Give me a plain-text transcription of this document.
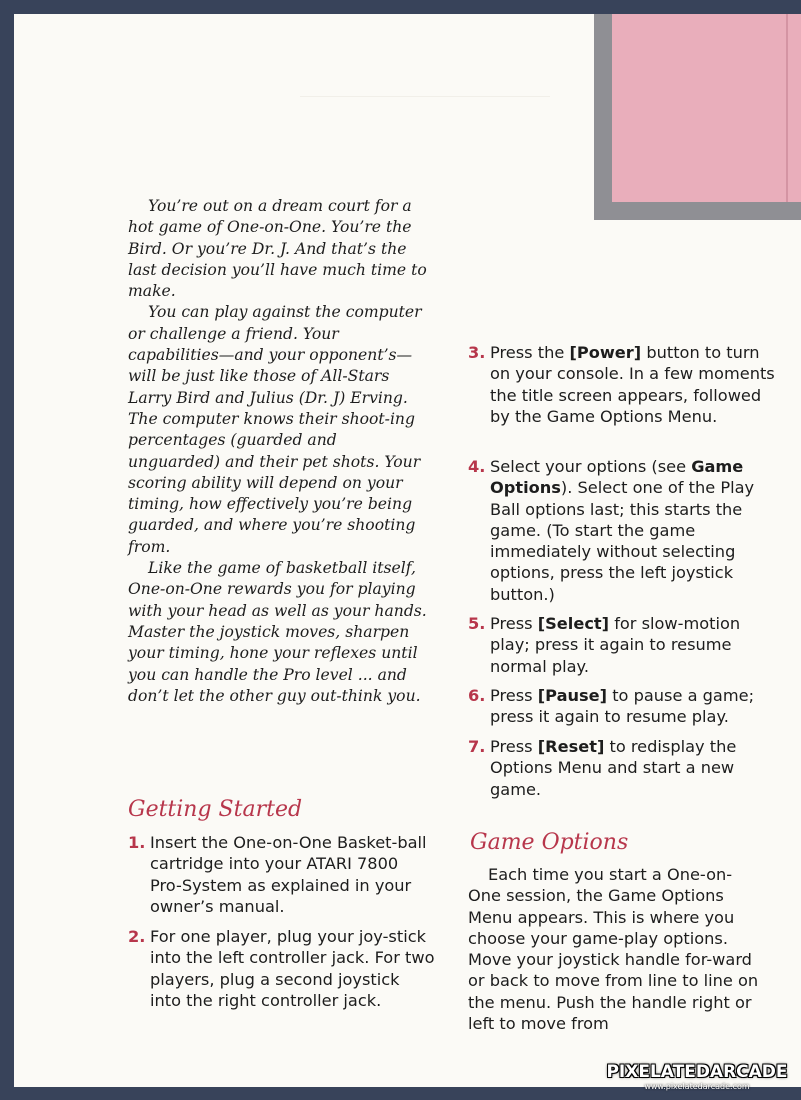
You’re out on a dream court for a hot game of One-on-One. You’re the Bird. Or you’re Dr. J. And that’s the last decision you’ll have much time to make.

You can play against the computer or challenge a friend. Your capabilities—and your opponent’s—will be just like those of All-Stars Larry Bird and Julius (Dr. J) Erving. The computer knows their shoot-ing percentages (guarded and unguarded) and their pet shots. Your scoring ability will depend on your timing, how effectively you’re being guarded, and where you’re shooting from.

Like the game of basketball itself, One-on-One rewards you for playing with your head as well as your hands. Master the joystick moves, sharpen your timing, hone your reflexes until you can handle the Pro level ... and don’t let the other guy out-think you.

Getting Started
1. Insert the One-on-One Basket-ball cartridge into your ATARI 7800 Pro-System as explained in your owner’s manual.
2. For one player, plug your joy-stick into the left controller jack. For two players, plug a second joystick into the right controller jack.
3. Press the [Power] button to turn on your console. In a few moments the title screen appears, followed by the Game Options Menu.
4. Select your options (see Game Options). Select one of the Play Ball options last; this starts the game. (To start the game immediately without selecting options, press the left joystick button.)
5. Press [Select] for slow-motion play; press it again to resume normal play.
6. Press [Pause] to pause a game; press it again to resume play.
7. Press [Reset] to redisplay the Options Menu and start a new game.
Game Options

Each time you start a One-on-One session, the Game Options Menu appears. This is where you choose your game-play options. Move your joystick handle for-ward or back to move from line to line on the menu. Push the handle right or left to move from

PIXELATEDARCADE
www.pixelatedarcade.com
